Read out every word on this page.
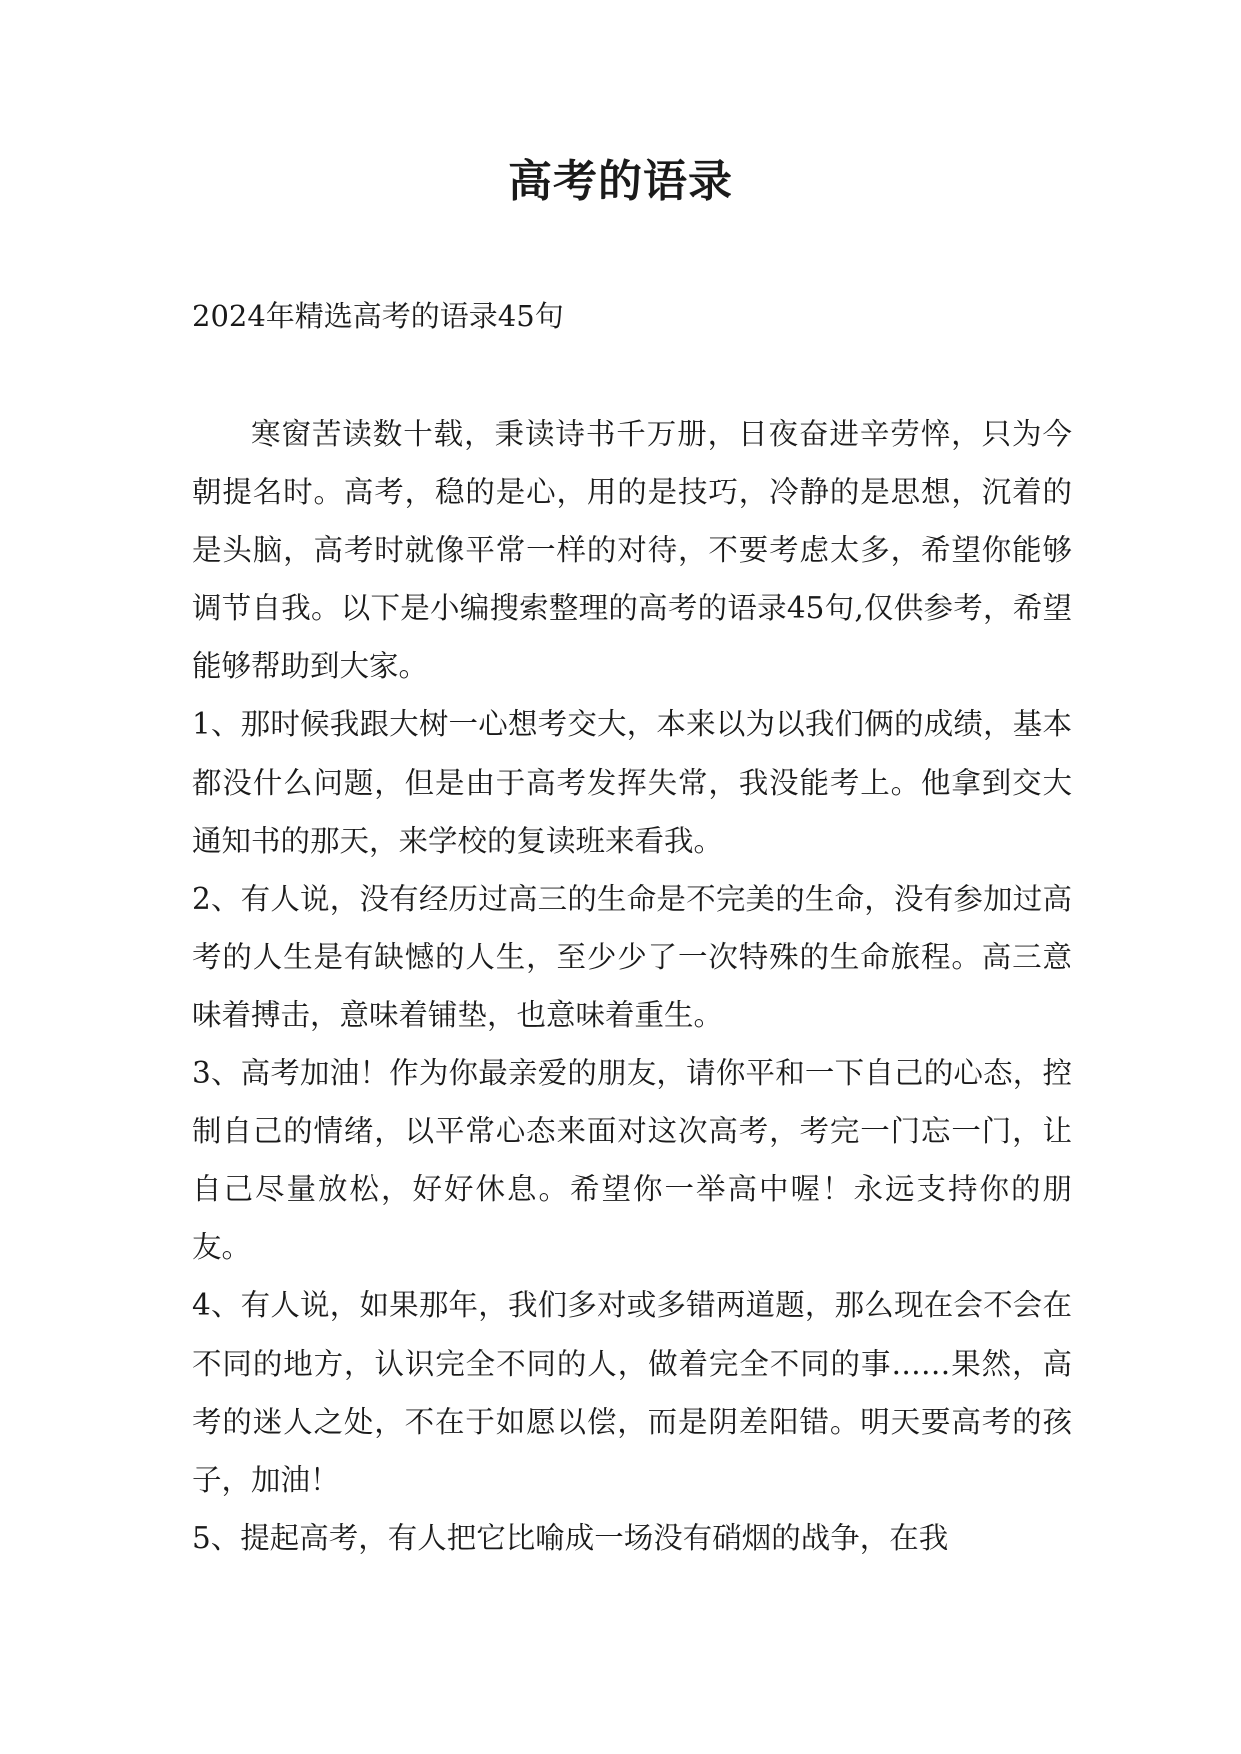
高考的语录

2024年精选高考的语录45句

寒窗苦读数十载，秉读诗书千万册，日夜奋进辛劳悴，只为今朝提名时。高考，稳的是心，用的是技巧，冷静的是思想，沉着的是头脑，高考时就像平常一样的对待，不要考虑太多，希望你能够调节自我。以下是小编搜索整理的高考的语录45句,仅供参考，希望能够帮助到大家。

1、那时候我跟大树一心想考交大，本来以为以我们俩的成绩，基本都没什么问题，但是由于高考发挥失常，我没能考上。他拿到交大通知书的那天，来学校的复读班来看我。

2、有人说，没有经历过高三的生命是不完美的生命，没有参加过高考的人生是有缺憾的人生，至少少了一次特殊的生命旅程。高三意味着搏击，意味着铺垫，也意味着重生。

3、高考加油！作为你最亲爱的朋友，请你平和一下自己的心态，控制自己的情绪，以平常心态来面对这次高考，考完一门忘一门，让自己尽量放松，好好休息。希望你一举高中喔！永远支持你的朋友。

4、有人说，如果那年，我们多对或多错两道题，那么现在会不会在不同的地方，认识完全不同的人，做着完全不同的事……果然，高考的迷人之处，不在于如愿以偿，而是阴差阳错。明天要高考的孩子，加油！

5、提起高考，有人把它比喻成一场没有硝烟的战争，在我
